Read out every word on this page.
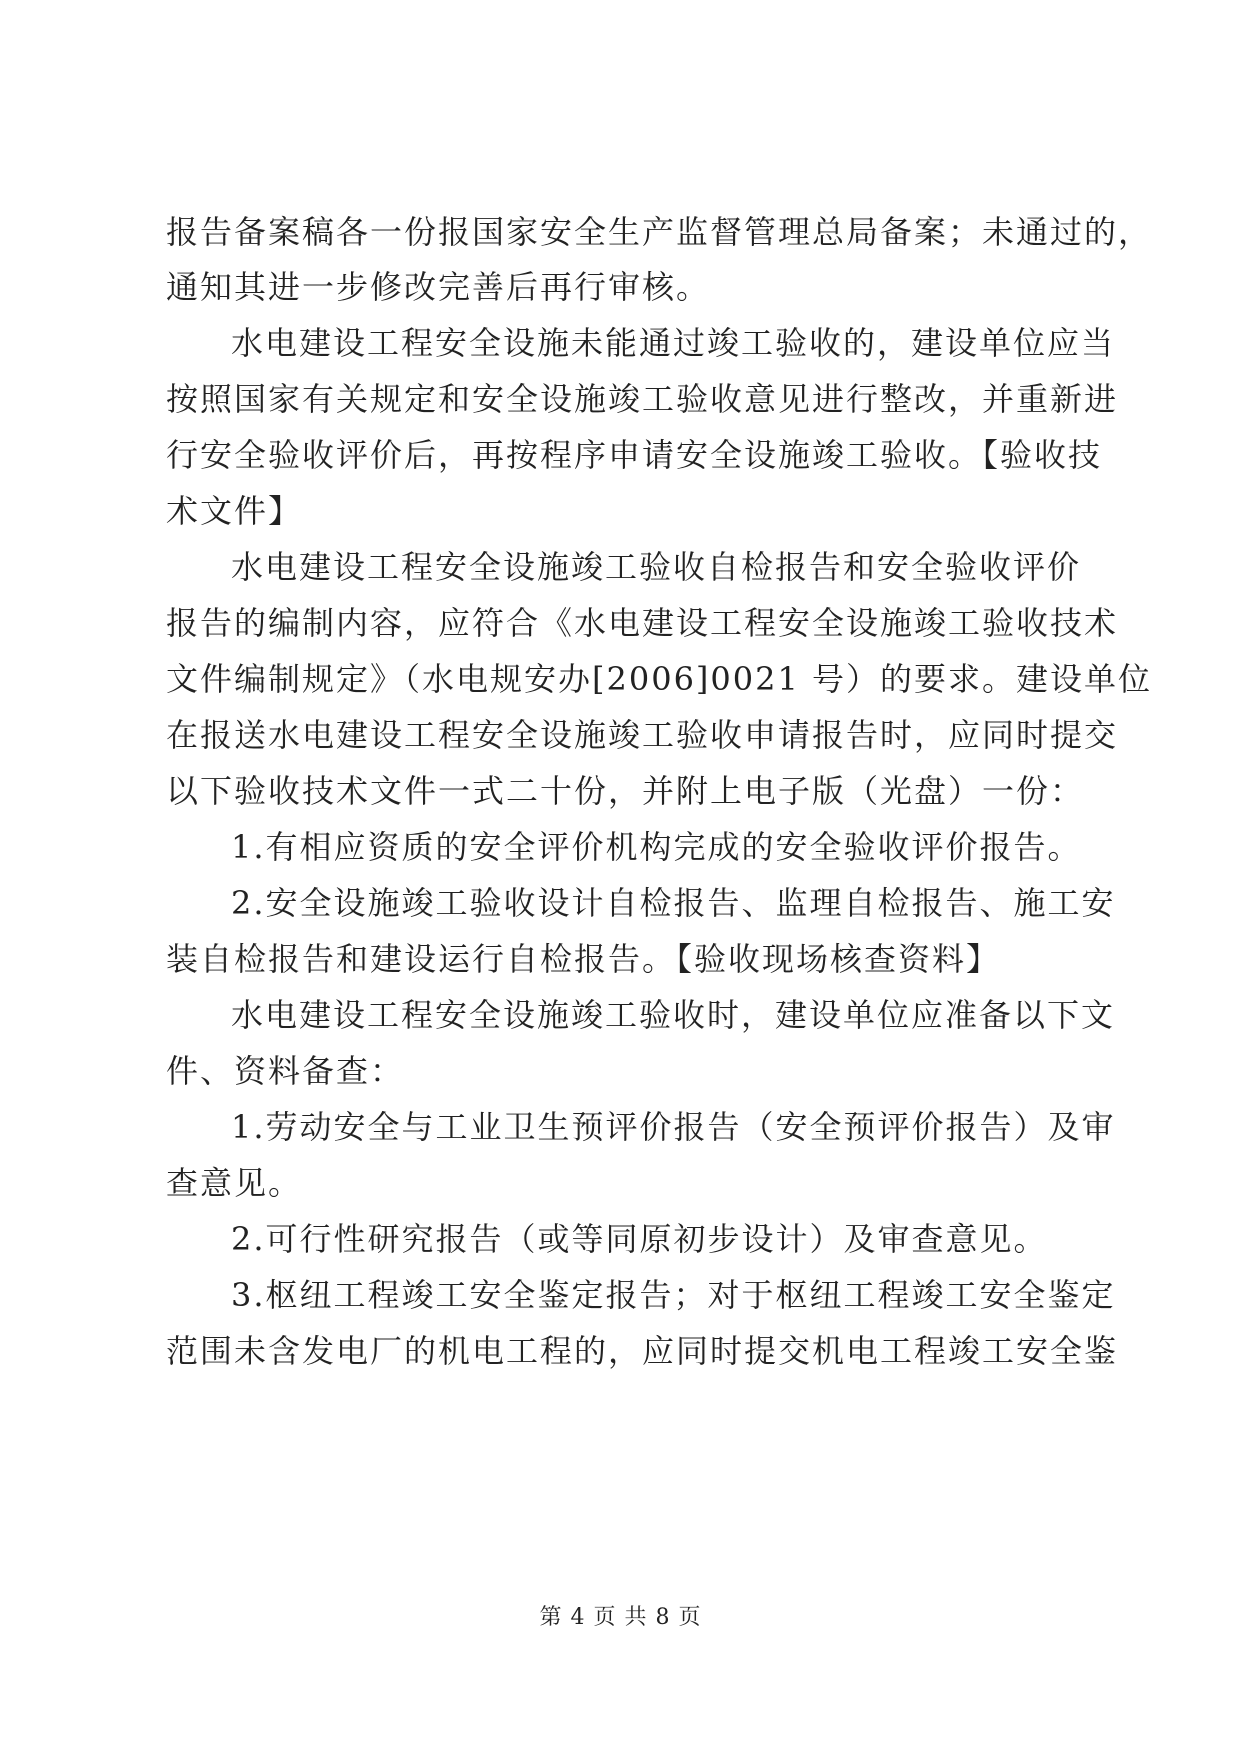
报告备案稿各一份报国家安全生产监督管理总局备案；未通过的，
通知其进一步修改完善后再行审核。
水电建设工程安全设施未能通过竣工验收的，建设单位应当
按照国家有关规定和安全设施竣工验收意见进行整改，并重新进
行安全验收评价后，再按程序申请安全设施竣工验收。【验收技
术文件】
水电建设工程安全设施竣工验收自检报告和安全验收评价
报告的编制内容，应符合《水电建设工程安全设施竣工验收技术
文件编制规定》（水电规安办[2006]0021 号）的要求。建设单位
在报送水电建设工程安全设施竣工验收申请报告时，应同时提交
以下验收技术文件一式二十份，并附上电子版（光盘）一份：
1.有相应资质的安全评价机构完成的安全验收评价报告。
2.安全设施竣工验收设计自检报告、监理自检报告、施工安
装自检报告和建设运行自检报告。【验收现场核查资料】
水电建设工程安全设施竣工验收时，建设单位应准备以下文
件、资料备查：
1.劳动安全与工业卫生预评价报告（安全预评价报告）及审
查意见。
2.可行性研究报告（或等同原初步设计）及审查意见。
3.枢纽工程竣工安全鉴定报告；对于枢纽工程竣工安全鉴定
范围未含发电厂的机电工程的，应同时提交机电工程竣工安全鉴
第 4 页 共 8 页
